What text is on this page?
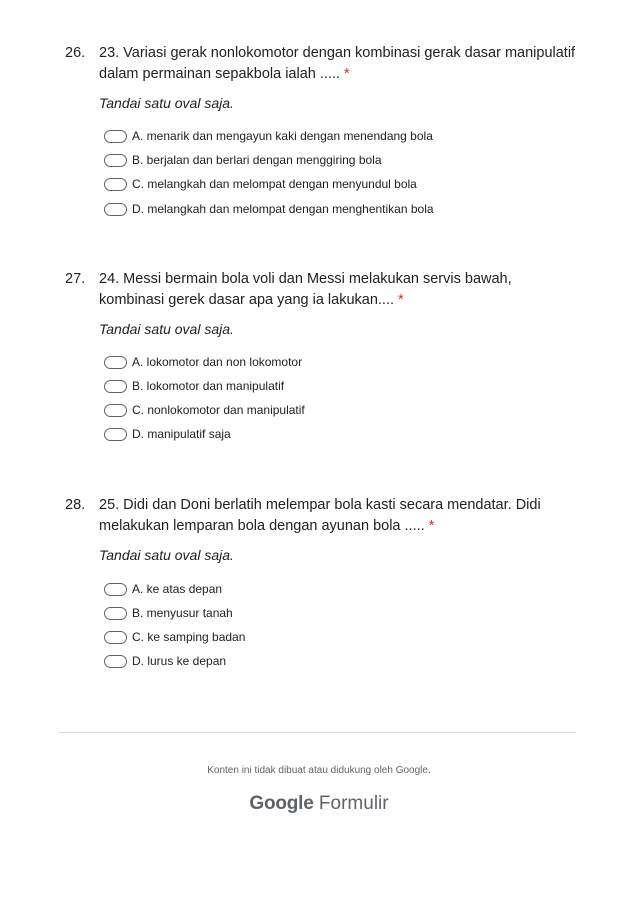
26. 23. Variasi gerak nonlokomotor dengan kombinasi gerak dasar manipulatif dalam permainan sepakbola ialah ..... *
Tandai satu oval saja.
A. menarik dan mengayun kaki dengan menendang bola
B. berjalan dan berlari dengan menggiring bola
C. melangkah dan melompat dengan menyundul bola
D. melangkah dan melompat dengan menghentikan bola
27. 24. Messi bermain bola voli dan Messi melakukan servis bawah, kombinasi gerek dasar apa yang ia lakukan.... *
Tandai satu oval saja.
A. lokomotor dan non lokomotor
B. lokomotor dan manipulatif
C. nonlokomotor dan manipulatif
D. manipulatif saja
28. 25. Didi dan Doni berlatih melempar bola kasti secara mendatar. Didi melakukan lemparan bola dengan ayunan bola ..... *
Tandai satu oval saja.
A. ke atas depan
B. menyusur tanah
C. ke samping badan
D. lurus ke depan
Konten ini tidak dibuat atau didukung oleh Google.
Google Formulir
